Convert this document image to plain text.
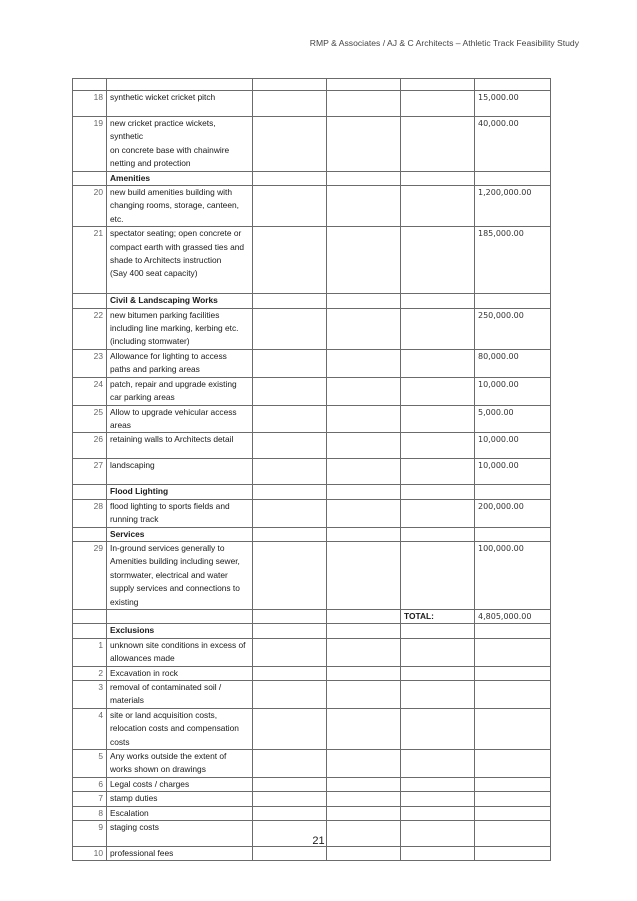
RMP & Associates / AJ & C Architects – Athletic Track Feasibility Study

18	synthetic wicket cricket pitch				15,000.00
19	new cricket practice wickets, synthetic
on concrete base with chainwire
netting and protection				40,000.00
	Amenities				
20	new build amenities building with
changing rooms, storage, canteen,
etc.				1,200,000.00
21	spectator seating; open concrete or
compact earth with grassed ties and
shade to Architects instruction
(Say 400 seat capacity)				185,000.00
	Civil & Landscaping Works				
22	new bitumen parking facilities
including line marking, kerbing etc.
(including stomwater)				250,000.00
23	Allowance for lighting to access
paths and parking areas				80,000.00
24	patch, repair and upgrade existing
car parking areas				10,000.00
25	Allow to upgrade vehicular access
areas				5,000.00
26	retaining walls to Architects detail				10,000.00
27	landscaping				10,000.00
	Flood Lighting				
28	flood lighting to sports fields and
running track				200,000.00
	Services				
29	In-ground services generally to
Amenities building including sewer,
stormwater, electrical and water
supply services and connections to
existing				100,000.00
				TOTAL:	4,805,000.00
	Exclusions				
1	unknown site conditions in excess of
allowances made				
2	Excavation in rock				
3	removal of contaminated soil /
materials				
4	site or land acquisition costs,
relocation costs and compensation
costs				
5	Any works outside the extent of
works shown on drawings				
6	Legal costs / charges				
7	stamp duties				
8	Escalation				
9	staging costs				
10	professional fees				
21
